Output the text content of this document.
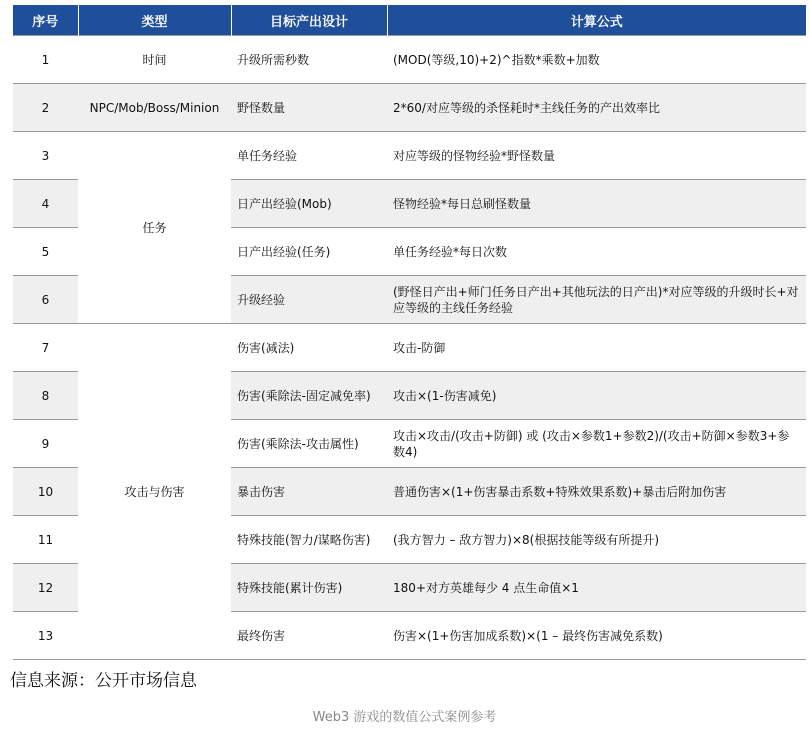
序号	类型	目标产出设计	计算公式
1	时间	升级所需秒数	(MOD(等级,10)+2)^指数*乘数+加数
2	NPC/Mob/Boss/Minion	野怪数量	2*60/对应等级的杀怪耗时*主线任务的产出效率比
3	任务	单任务经验	对应等级的怪物经验*野怪数量
4		日产出经验(Mob)	怪物经验*每日总刷怪数量
5		日产出经验(任务)	单任务经验*每日次数
6		升级经验	(野怪日产出+师门任务日产出+其他玩法的日产出)*对应等级的升级时长+对应等级的主线任务经验
7	攻击与伤害	伤害(减法)	攻击-防御
8		伤害(乘除法-固定减免率)	攻击×(1-伤害减免)
9		伤害(乘除法-攻击属性)	攻击×攻击/(攻击+防御) 或 (攻击×参数1+参数2)/(攻击+防御×参数3+参数4)
10		暴击伤害	普通伤害×(1+伤害暴击系数+特殊效果系数)+暴击后附加伤害
11		特殊技能(智力/谋略伤害)	(我方智力 – 敌方智力)×8(根据技能等级有所提升)
12		特殊技能(累计伤害)	180+对方英雄每少 4 点生命值×1
13		最终伤害	伤害×(1+伤害加成系数)×(1 – 最终伤害减免系数)
信息来源：公开市场信息
Web3 游戏的数值公式案例参考
